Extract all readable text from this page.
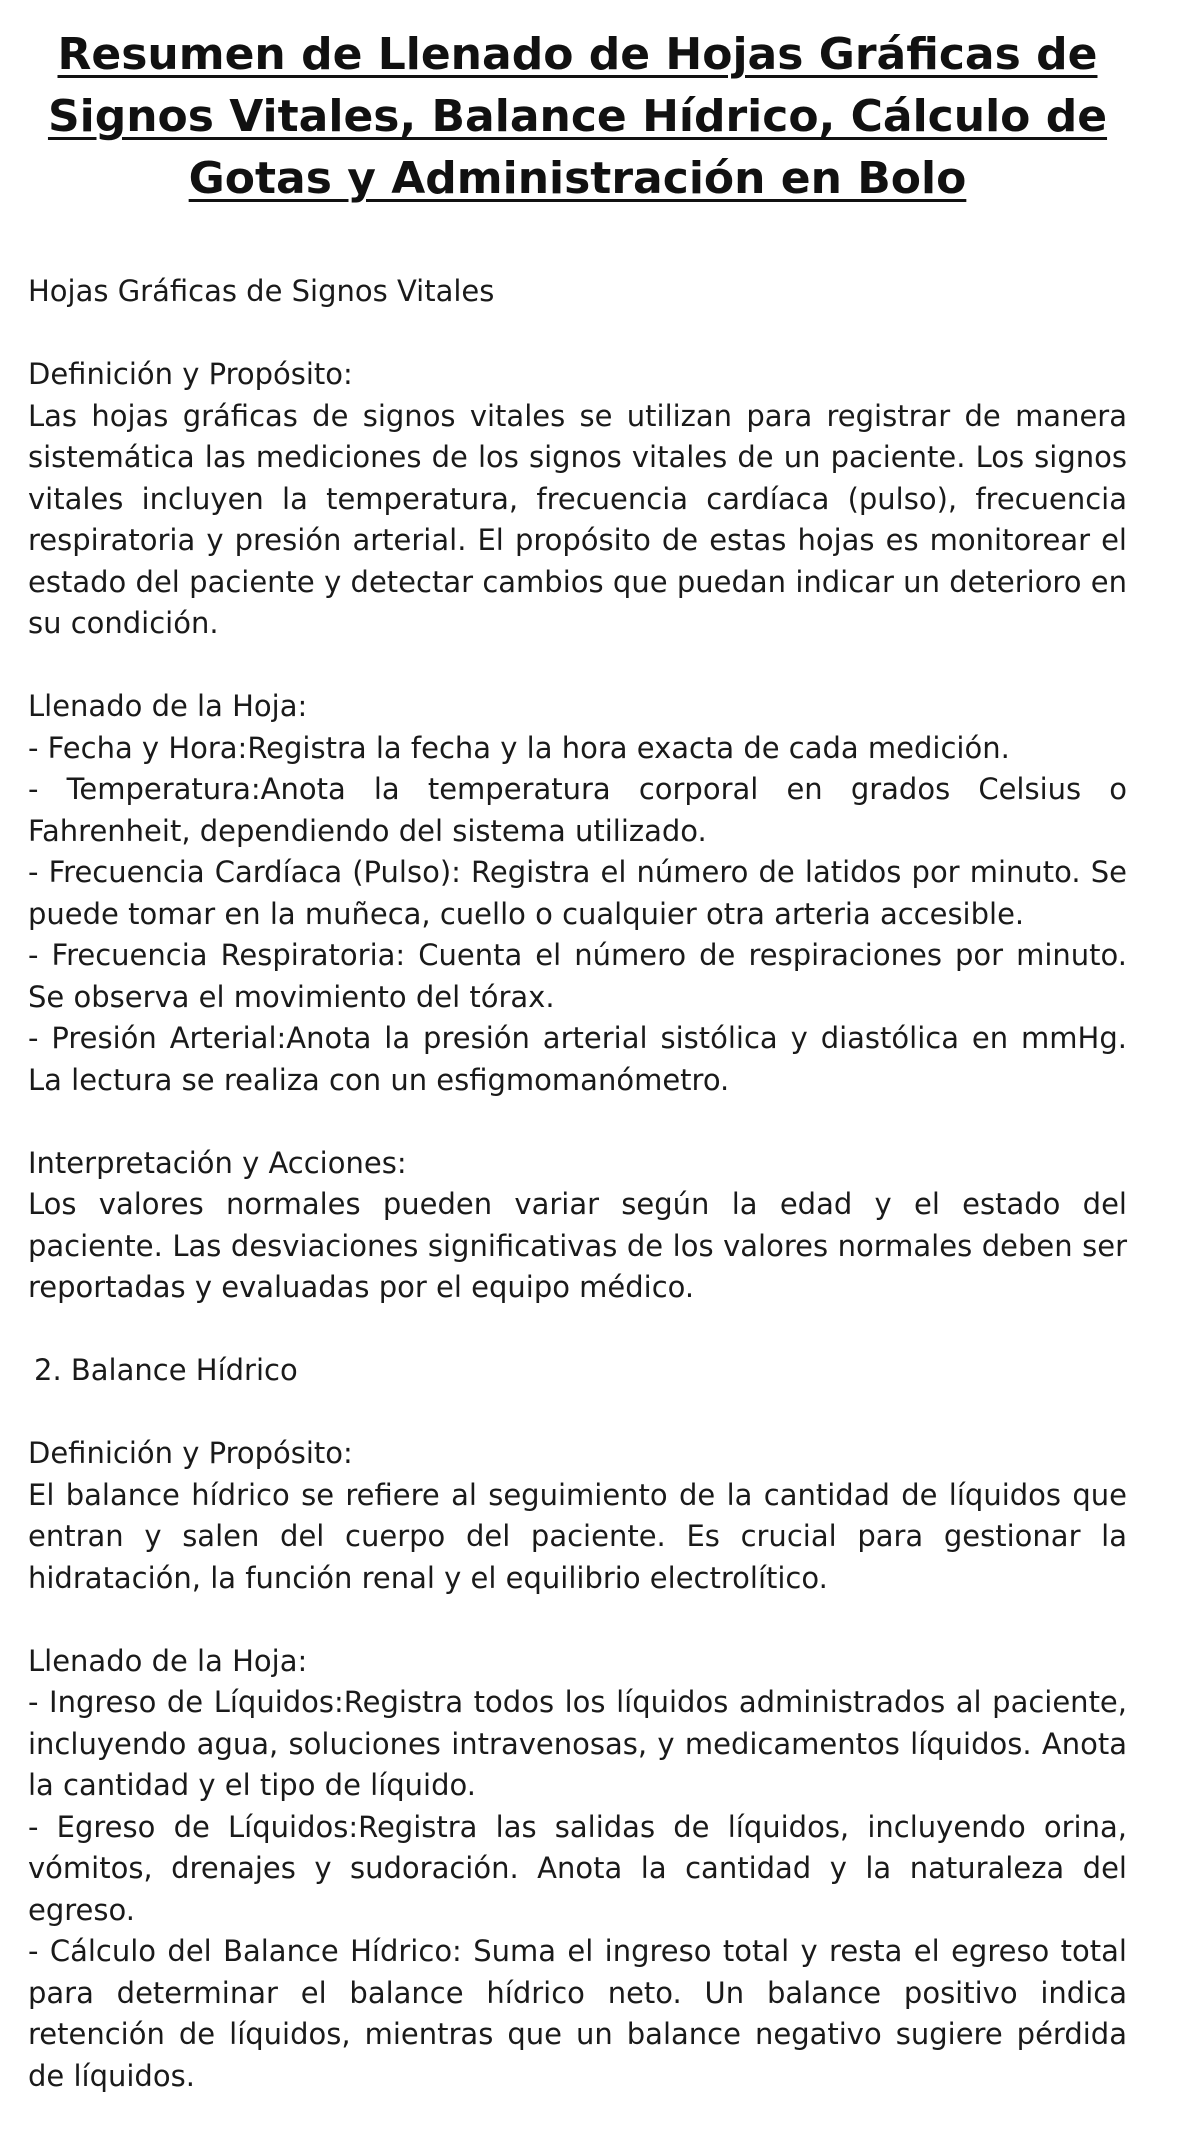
Resumen de Llenado de Hojas Gráficas de Signos Vitales, Balance Hídrico, Cálculo de Gotas y Administración en Bolo

Hojas Gráficas de Signos Vitales

Definición y Propósito:

Las hojas gráficas de signos vitales se utilizan para registrar de manera sistemática las mediciones de los signos vitales de un paciente. Los signos vitales incluyen la temperatura, frecuencia cardíaca (pulso), frecuencia respiratoria y presión arterial. El propósito de estas hojas es monitorear el estado del paciente y detectar cambios que puedan indicar un deterioro en su condición.

Llenado de la Hoja:

- Fecha y Hora:Registra la fecha y la hora exacta de cada medición.

- Temperatura:Anota la temperatura corporal en grados Celsius o Fahrenheit, dependiendo del sistema utilizado.

- Frecuencia Cardíaca (Pulso): Registra el número de latidos por minuto. Se puede tomar en la muñeca, cuello o cualquier otra arteria accesible.

- Frecuencia Respiratoria: Cuenta el número de respiraciones por minuto. Se observa el movimiento del tórax.

- Presión Arterial:Anota la presión arterial sistólica y diastólica en mmHg. La lectura se realiza con un esfigmomanómetro.

Interpretación y Acciones:

Los valores normales pueden variar según la edad y el estado del paciente. Las desviaciones significativas de los valores normales deben ser reportadas y evaluadas por el equipo médico.

2. Balance Hídrico

Definición y Propósito:

El balance hídrico se refiere al seguimiento de la cantidad de líquidos que entran y salen del cuerpo del paciente. Es crucial para gestionar la hidratación, la función renal y el equilibrio electrolítico.

Llenado de la Hoja:

- Ingreso de Líquidos:Registra todos los líquidos administrados al paciente, incluyendo agua, soluciones intravenosas, y medicamentos líquidos. Anota la cantidad y el tipo de líquido.

- Egreso de Líquidos:Registra las salidas de líquidos, incluyendo orina, vómitos, drenajes y sudoración. Anota la cantidad y la naturaleza del egreso.

- Cálculo del Balance Hídrico: Suma el ingreso total y resta el egreso total para determinar el balance hídrico neto. Un balance positivo indica retención de líquidos, mientras que un balance negativo sugiere pérdida de líquidos.
